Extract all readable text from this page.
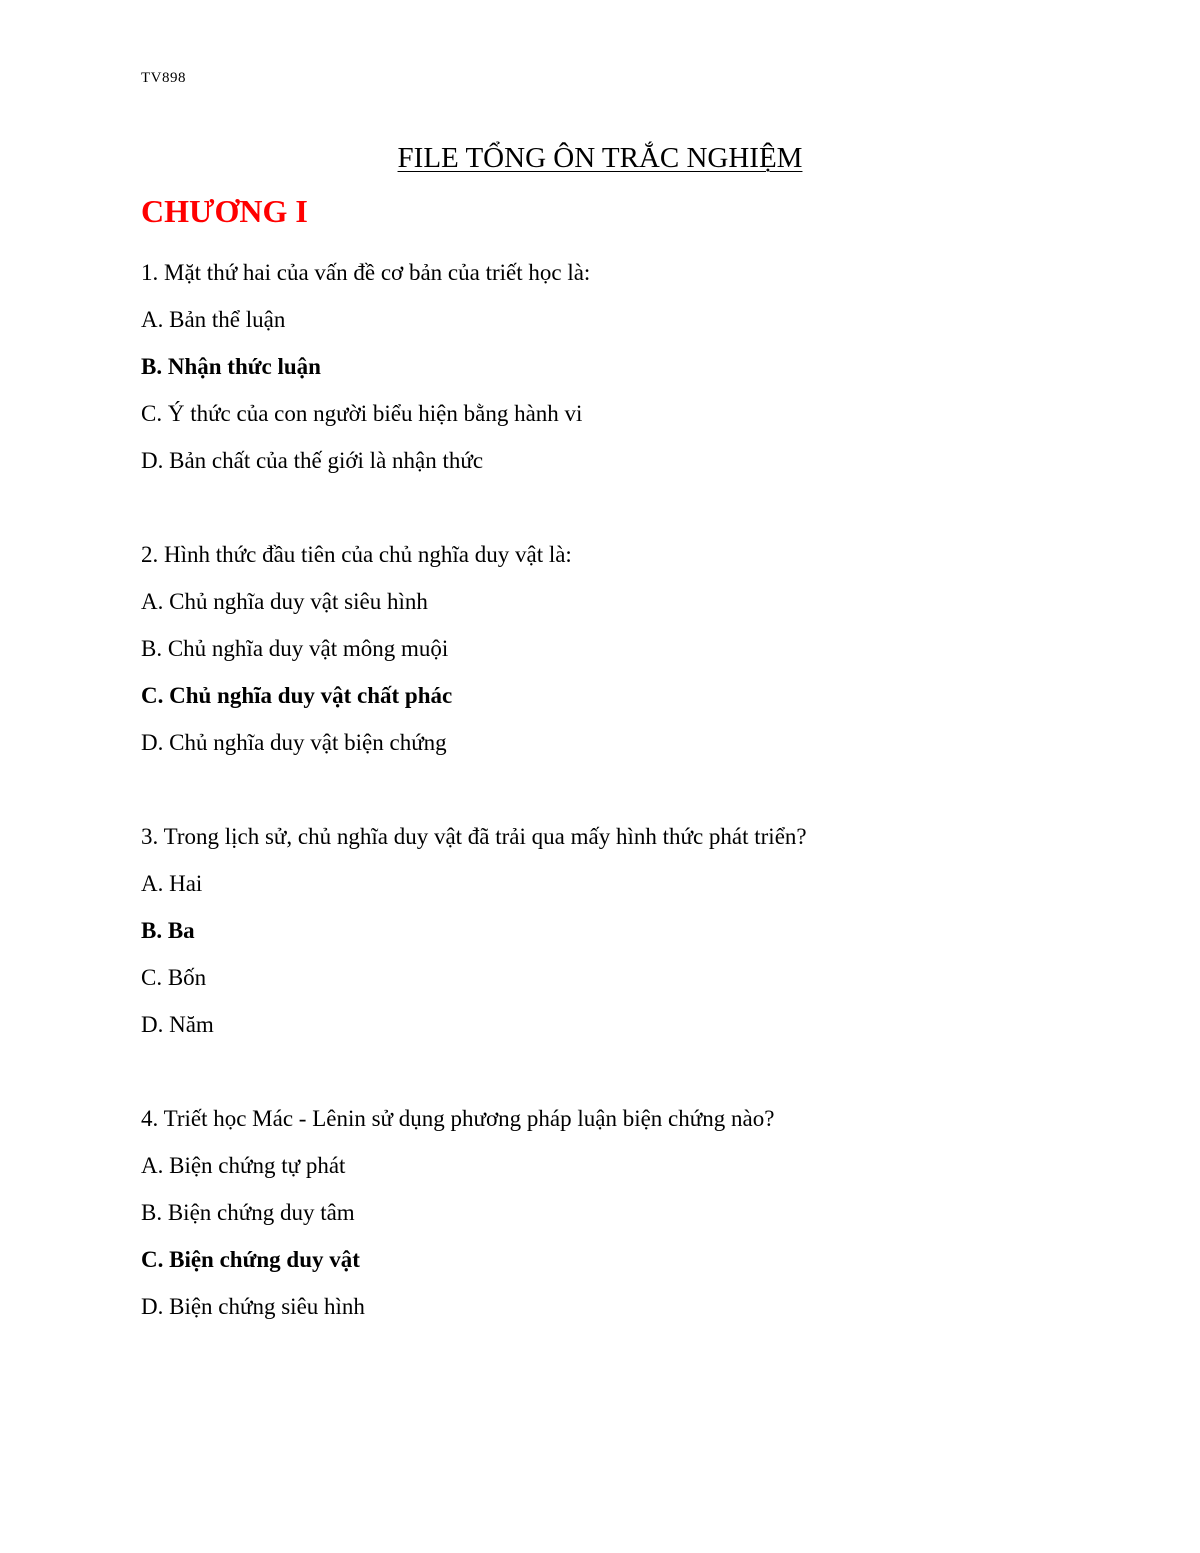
TV898
FILE TỔNG ÔN TRẮC NGHIỆM
CHƯƠNG I
1. Mặt thứ hai của vấn đề cơ bản của triết học là:
A. Bản thể luận
B. Nhận thức luận
C. Ý thức của con người biểu hiện bằng hành vi
D. Bản chất của thế giới là nhận thức
2. Hình thức đầu tiên của chủ nghĩa duy vật là:
A. Chủ nghĩa duy vật siêu hình
B. Chủ nghĩa duy vật mông muội
C. Chủ nghĩa duy vật chất phác
D. Chủ nghĩa duy vật biện chứng
3. Trong lịch sử, chủ nghĩa duy vật đã trải qua mấy hình thức phát triển?
A. Hai
B. Ba
C. Bốn
D. Năm
4. Triết học Mác - Lênin sử dụng phương pháp luận biện chứng nào?
A. Biện chứng tự phát
B. Biện chứng duy tâm
C. Biện chứng duy vật
D. Biện chứng siêu hình
